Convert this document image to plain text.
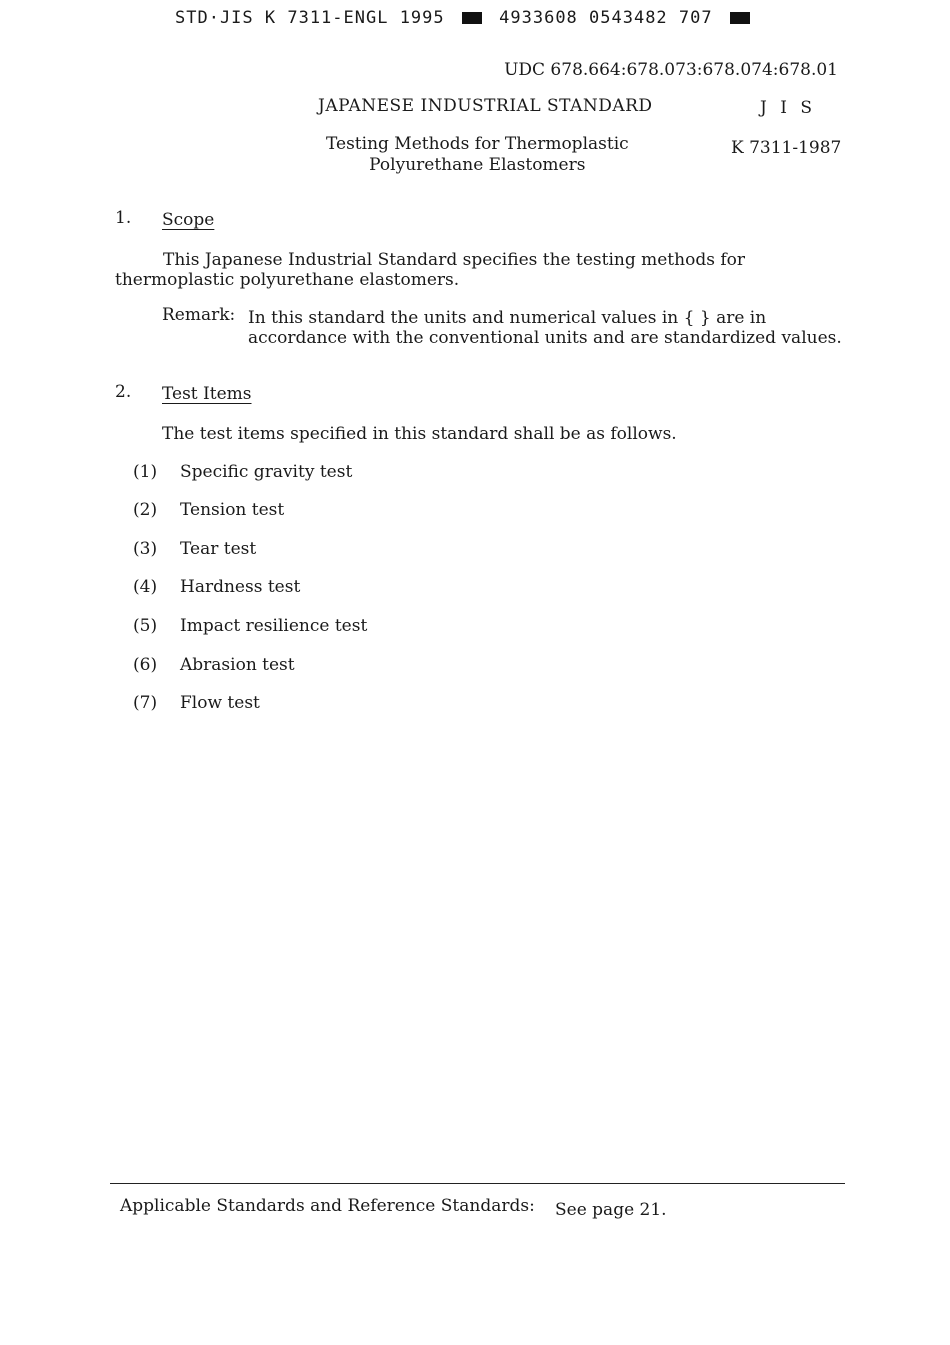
STD·JIS K 7311-ENGL 1995	4933608 0543482 707
UDC 678.664:678.073:678.074:678.01
JAPANESE INDUSTRIAL STANDARD	J I S
Testing Methods for Thermoplastic
Polyurethane Elastomers
K 7311-1987
1. Scope
This Japanese Industrial Standard specifies the testing methods for
thermoplastic polyurethane elastomers.
Remark: In this standard the units and numerical values in { } are in
accordance with the conventional units and are standardized values.
2. Test Items
The test items specified in this standard shall be as follows.
(1) Specific gravity test
(2) Tension test
(3) Tear test
(4) Hardness test
(5) Impact resilience test
(6) Abrasion test
(7) Flow test
Applicable Standards and Reference Standards: See page 21.
